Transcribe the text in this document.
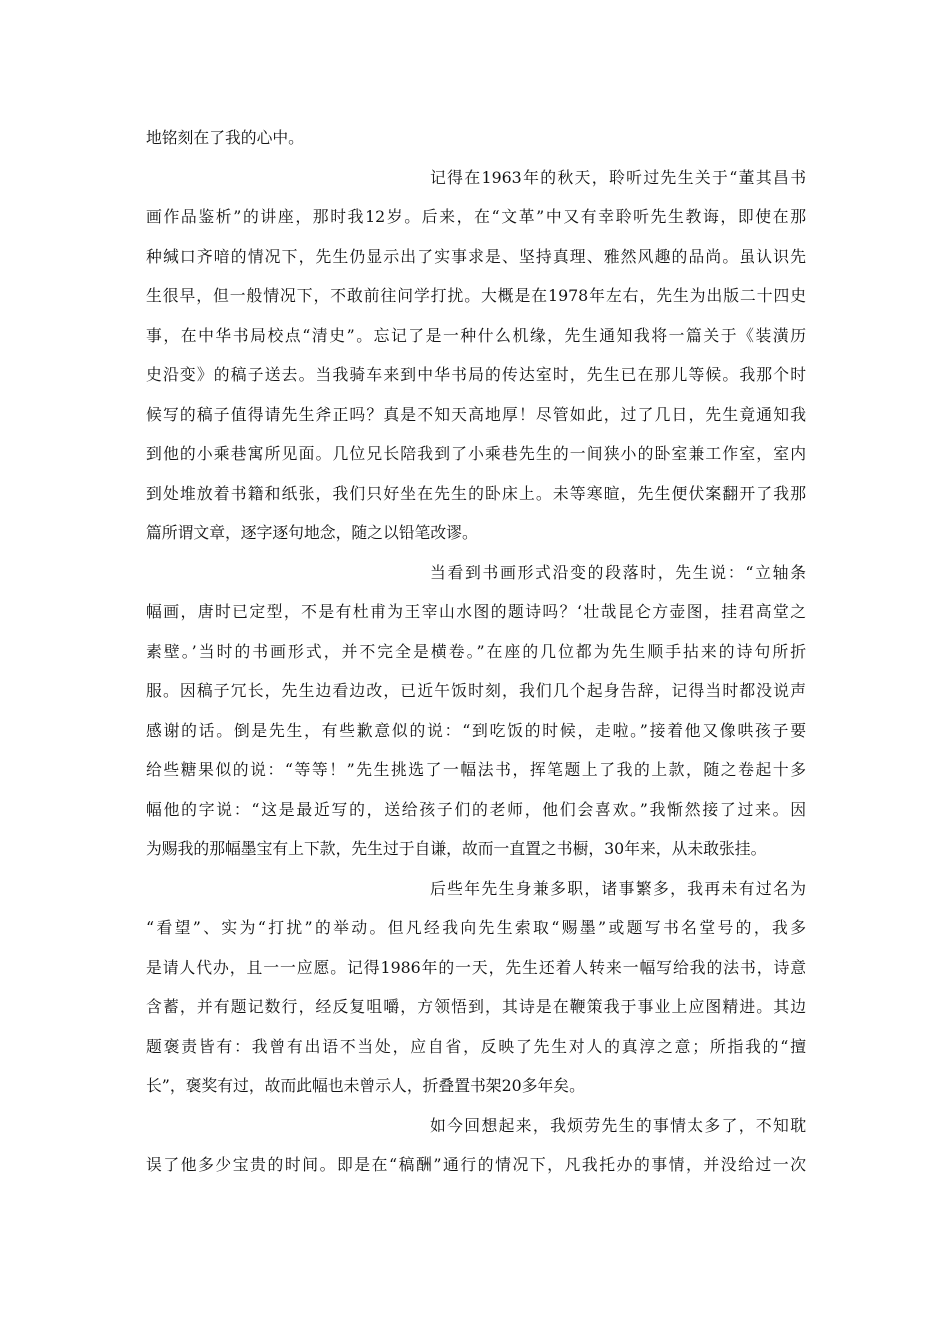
地铭刻在了我的心中。
记得在1963年的秋天，聆听过先生关于“董其昌书
画作品鉴析”的讲座，那时我12岁。后来，在“文革”中又有幸聆听先生教诲，即使在那
种缄口齐喑的情况下，先生仍显示出了实事求是、坚持真理、雅然风趣的品尚。虽认识先
生很早，但一般情况下，不敢前往问学打扰。大概是在1978年左右，先生为出版二十四史
事，在中华书局校点“清史”。忘记了是一种什么机缘，先生通知我将一篇关于《装潢历
史沿变》的稿子送去。当我骑车来到中华书局的传达室时，先生已在那儿等候。我那个时
候写的稿子值得请先生斧正吗？真是不知天高地厚！尽管如此，过了几日，先生竟通知我
到他的小乘巷寓所见面。几位兄长陪我到了小乘巷先生的一间狭小的卧室兼工作室，室内
到处堆放着书籍和纸张，我们只好坐在先生的卧床上。未等寒暄，先生便伏案翻开了我那
篇所谓文章，逐字逐句地念，随之以铅笔改谬。
当看到书画形式沿变的段落时，先生说：“立轴条
幅画，唐时已定型，不是有杜甫为王宰山水图的题诗吗？‘壮哉昆仑方壶图，挂君高堂之
素壁。’当时的书画形式，并不完全是横卷。”在座的几位都为先生顺手拈来的诗句所折
服。因稿子冗长，先生边看边改，已近午饭时刻，我们几个起身告辞，记得当时都没说声
感谢的话。倒是先生，有些歉意似的说：“到吃饭的时候，走啦。”接着他又像哄孩子要
给些糖果似的说：“等等！”先生挑选了一幅法书，挥笔题上了我的上款，随之卷起十多
幅他的字说：“这是最近写的，送给孩子们的老师，他们会喜欢。”我惭然接了过来。因
为赐我的那幅墨宝有上下款，先生过于自谦，故而一直置之书橱，30年来，从未敢张挂。
后些年先生身兼多职，诸事繁多，我再未有过名为
“看望”、实为“打扰”的举动。但凡经我向先生索取“赐墨”或题写书名堂号的，我多
是请人代办，且一一应愿。记得1986年的一天，先生还着人转来一幅写给我的法书，诗意
含蓄，并有题记数行，经反复咀嚼，方领悟到，其诗是在鞭策我于事业上应图精进。其边
题褒责皆有：我曾有出语不当处，应自省，反映了先生对人的真淳之意；所指我的“擅
长”，褒奖有过，故而此幅也未曾示人，折叠置书架20多年矣。
如今回想起来，我烦劳先生的事情太多了，不知耽
误了他多少宝贵的时间。即是在“稿酬”通行的情况下，凡我托办的事情，并没给过一次
